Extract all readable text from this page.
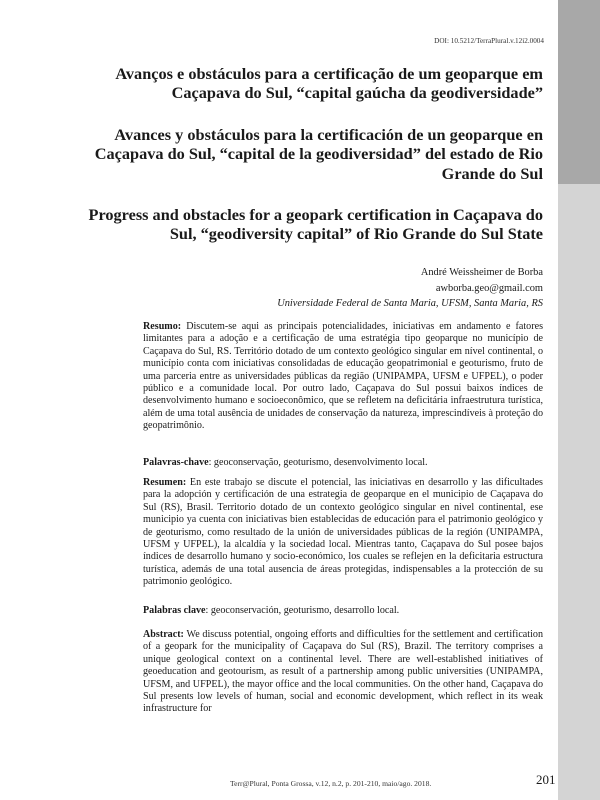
DOI: 10.5212/TerraPlural.v.12i2.0004
Avanços e obstáculos para a certificação de um geoparque em Caçapava do Sul, “capital gaúcha da geodiversidade”
Avances y obstáculos para la certificación de un geoparque en Caçapava do Sul, “capital de la geodiversidad” del estado de Rio Grande do Sul
Progress and obstacles for a geopark certification in Caçapava do Sul, “geodiversity capital” of Rio Grande do Sul State
André Weissheimer de Borba
awborba.geo@gmail.com
Universidade Federal de Santa Maria, UFSM, Santa Maria, RS

Resumo: Discutem-se aqui as principais potencialidades, iniciativas em andamento e fatores limitantes para a adoção e a certificação de uma estratégia tipo geoparque no município de Caçapava do Sul, RS. Território dotado de um contexto geológico singular em nível continental, o município conta com iniciativas consolidadas de educação geopatrimonial e geoturismo, fruto de uma parceria entre as universidades públicas da região (UNIPAMPA, UFSM e UFPEL), o poder público e a comunidade local. Por outro lado, Caçapava do Sul possui baixos índices de desenvolvimento humano e socioeconômico, que se refletem na deficitária infraestrutura turística, além de uma total ausência de unidades de conservação da natureza, imprescindíveis à proteção do geopatrimônio.

Palavras-chave: geoconservação, geoturismo, desenvolvimento local.

Resumen: En este trabajo se discute el potencial, las iniciativas en desarrollo y las dificultades para la adopción y certificación de una estrategia de geoparque en el municipio de Caçapava do Sul (RS), Brasil. Territorio dotado de un contexto geológico singular en nivel continental, ese municipio ya cuenta con iniciativas bien establecidas de educación para el patrimonio geológico y de geoturismo, como resultado de la unión de universidades públicas de la región (UNIPAMPA, UFSM y UFPEL), la alcaldía y la sociedad local. Mientras tanto, Caçapava do Sul posee bajos índices de desarrollo humano y socio-económico, los cuales se reflejen en la deficitaria estructura turística, además de una total ausencia de áreas protegidas, indispensables a la protección de su patrimonio geológico.

Palabras clave: geoconservación, geoturismo, desarrollo local.

Abstract: We discuss potential, ongoing efforts and difficulties for the settlement and certification of a geopark for the municipality of Caçapava do Sul (RS), Brazil. The territory comprises a unique geological context on a continental level. There are well-established initiatives of geoeducation and geotourism, as result of a partnership among public universities (UNIPAMPA, UFSM, and UFPEL), the mayor office and the local communities. On the other hand, Caçapava do Sul presents low levels of human, social and economic development, which reflect in its weak infrastructure for

Terr@Plural, Ponta Grossa, v.12, n.2, p. 201-210, maio/ago. 2018.	201
